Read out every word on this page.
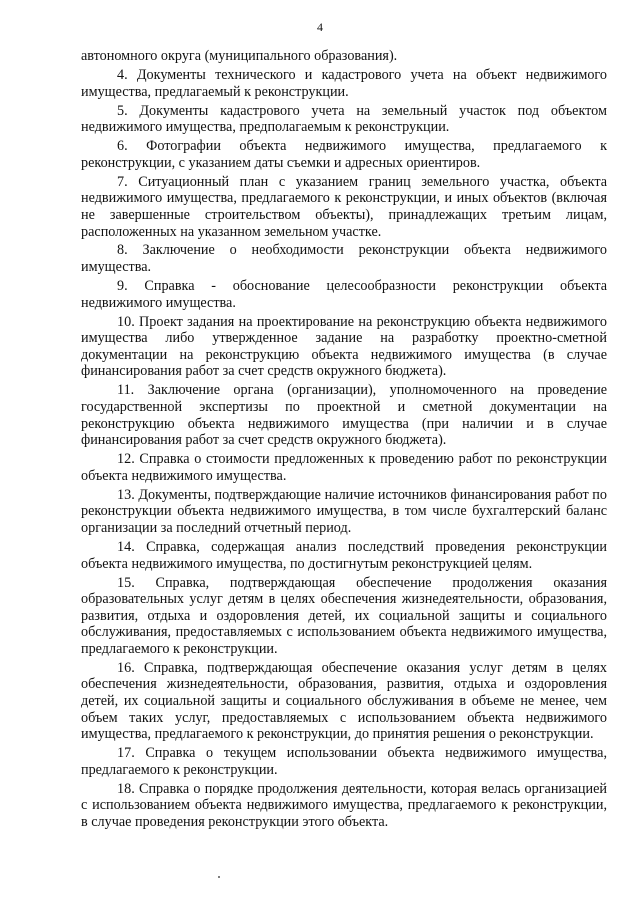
4

автономного округа (муниципального образования).

4. Документы технического и кадастрового учета на объект недвижимого имущества, предлагаемый к реконструкции.

5. Документы кадастрового учета на земельный участок под объектом недвижимого имущества, предполагаемым к реконструкции.

6. Фотографии объекта недвижимого имущества, предлагаемого к реконструкции, с указанием даты съемки и адресных ориентиров.

7. Ситуационный план с указанием границ земельного участка, объекта недвижимого имущества, предлагаемого к реконструкции, и иных объектов (включая не завершенные строительством объекты), принадлежащих третьим лицам, расположенных на указанном земельном участке.

8. Заключение о необходимости реконструкции объекта недвижимого имущества.

9. Справка - обоснование целесообразности реконструкции объекта недвижимого имущества.

10. Проект задания на проектирование на реконструкцию объекта недвижимого имущества либо утвержденное задание на разработку проектно-сметной документации на реконструкцию объекта недвижимого имущества (в случае финансирования работ за счет средств окружного бюджета).

11. Заключение органа (организации), уполномоченного на проведение государственной экспертизы по проектной и сметной документации на реконструкцию объекта недвижимого имущества (при наличии и в случае финансирования работ за счет средств окружного бюджета).

12. Справка о стоимости предложенных к проведению работ по реконструкции объекта недвижимого имущества.

13. Документы, подтверждающие наличие источников финансирования работ по реконструкции объекта недвижимого имущества, в том числе бухгалтерский баланс организации за последний отчетный период.

14. Справка, содержащая анализ последствий проведения реконструкции объекта недвижимого имущества, по достигнутым реконструкцией целям.

15. Справка, подтверждающая обеспечение продолжения оказания образовательных услуг детям в целях обеспечения жизнедеятельности, образования, развития, отдыха и оздоровления детей, их социальной защиты и социального обслуживания, предоставляемых с использованием объекта недвижимого имущества, предлагаемого к реконструкции.

16. Справка, подтверждающая обеспечение оказания услуг детям в целях обеспечения жизнедеятельности, образования, развития, отдыха и оздоровления детей, их социальной защиты и социального обслуживания в объеме не менее, чем объем таких услуг, предоставляемых с использованием объекта недвижимого имущества, предлагаемого к реконструкции, до принятия решения о реконструкции.

17. Справка о текущем использовании объекта недвижимого имущества, предлагаемого к реконструкции.

18. Справка о порядке продолжения деятельности, которая велась организацией с использованием объекта недвижимого имущества, предлагаемого к реконструкции, в случае проведения реконструкции этого объекта.
